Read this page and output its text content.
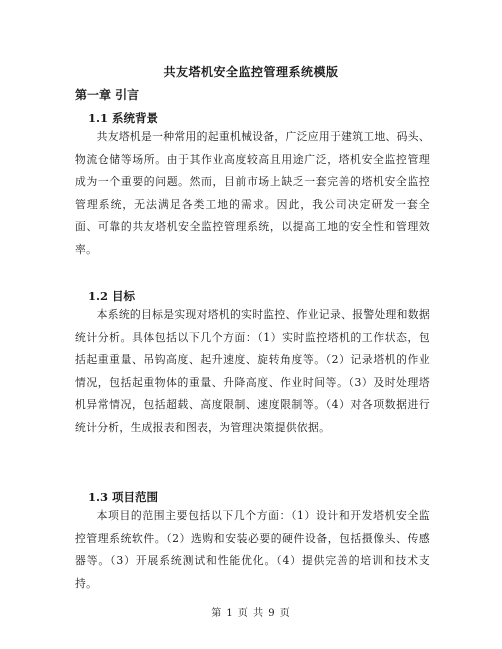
共友塔机安全监控管理系统模版
第一章 引言
1.1 系统背景
共友塔机是一种常用的起重机械设备，广泛应用于建筑工地、码头、物流仓储等场所。由于其作业高度较高且用途广泛，塔机安全监控管理成为一个重要的问题。然而，目前市场上缺乏一套完善的塔机安全监控管理系统，无法满足各类工地的需求。因此，我公司决定研发一套全面、可靠的共友塔机安全监控管理系统，以提高工地的安全性和管理效率。
1.2 目标
本系统的目标是实现对塔机的实时监控、作业记录、报警处理和数据统计分析。具体包括以下几个方面：（1）实时监控塔机的工作状态，包括起重重量、吊钩高度、起升速度、旋转角度等。（2）记录塔机的作业情况，包括起重物体的重量、升降高度、作业时间等。（3）及时处理塔机异常情况，包括超载、高度限制、速度限制等。（4）对各项数据进行统计分析，生成报表和图表，为管理决策提供依据。
1.3 项目范围
本项目的范围主要包括以下几个方面：（1）设计和开发塔机安全监控管理系统软件。（2）选购和安装必要的硬件设备，包括摄像头、传感器等。（3）开展系统测试和性能优化。（4）提供完善的培训和技术支持。
第 1 页 共 9 页
